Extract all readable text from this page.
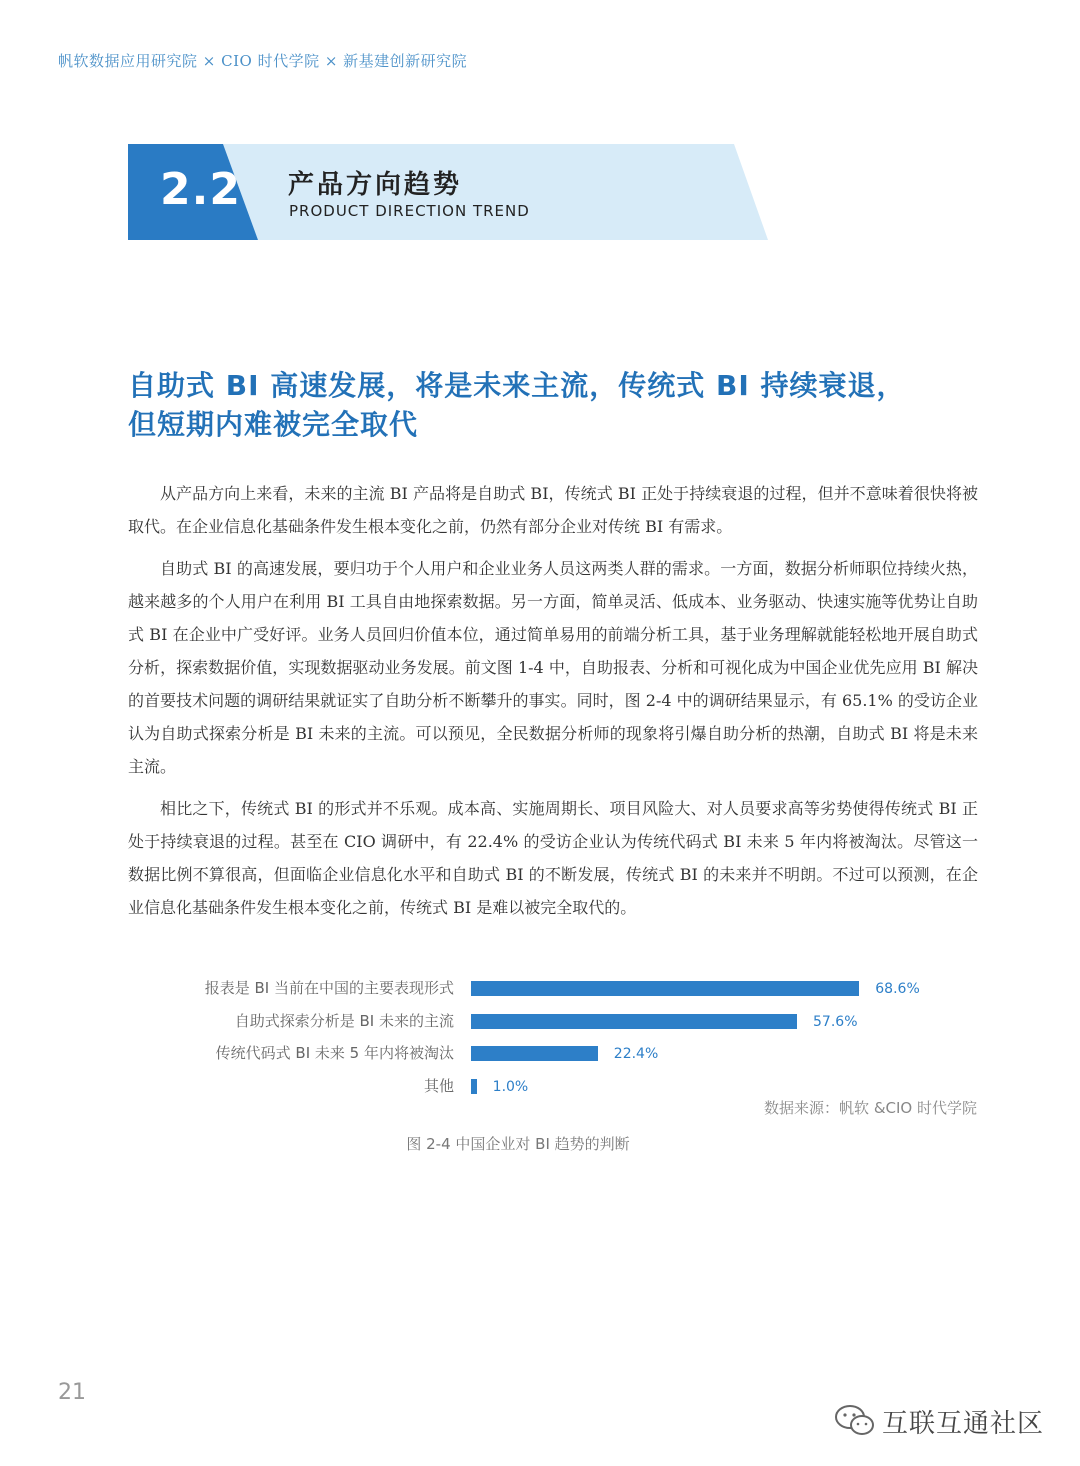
帆软数据应用研究院 × CIO 时代学院 × 新基建创新研究院
2.2	产品方向趋势
PRODUCT DIRECTION TREND
自助式 BI 高速发展，将是未来主流，传统式 BI 持续衰退，
但短期内难被完全取代

从产品方向上来看，未来的主流 BI 产品将是自助式 BI，传统式 BI 正处于持续衰退的过程，但并不意味着很快将被取代。在企业信息化基础条件发生根本变化之前，仍然有部分企业对传统 BI 有需求。

自助式 BI 的高速发展，要归功于个人用户和企业业务人员这两类人群的需求。一方面，数据分析师职位持续火热，越来越多的个人用户在利用 BI 工具自由地探索数据。另一方面，简单灵活、低成本、业务驱动、快速实施等优势让自助式 BI 在企业中广受好评。业务人员回归价值本位，通过简单易用的前端分析工具，基于业务理解就能轻松地开展自助式分析，探索数据价值，实现数据驱动业务发展。前文图 1-4 中，自助报表、分析和可视化成为中国企业优先应用 BI 解决的首要技术问题的调研结果就证实了自助分析不断攀升的事实。同时，图 2-4 中的调研结果显示，有 65.1% 的受访企业认为自助式探索分析是 BI 未来的主流。可以预见，全民数据分析师的现象将引爆自助分析的热潮，自助式 BI 将是未来主流。

相比之下，传统式 BI 的形式并不乐观。成本高、实施周期长、项目风险大、对人员要求高等劣势使得传统式 BI 正处于持续衰退的过程。甚至在 CIO 调研中，有 22.4% 的受访企业认为传统代码式 BI 未来 5 年内将被淘汰。尽管这一数据比例不算很高，但面临企业信息化水平和自助式 BI 的不断发展，传统式 BI 的未来并不明朗。不过可以预测，在企业信息化基础条件发生根本变化之前，传统式 BI 是难以被完全取代的。

报表是 BI 当前在中国的主要表现形式	68.6%
自助式探索分析是 BI 未来的主流	57.6%
传统代码式 BI 未来 5 年内将被淘汰	22.4%
其他	1.0%
数据来源：帆软 &CIO 时代学院
图 2-4 中国企业对 BI 趋势的判断
21
互联互通社区
